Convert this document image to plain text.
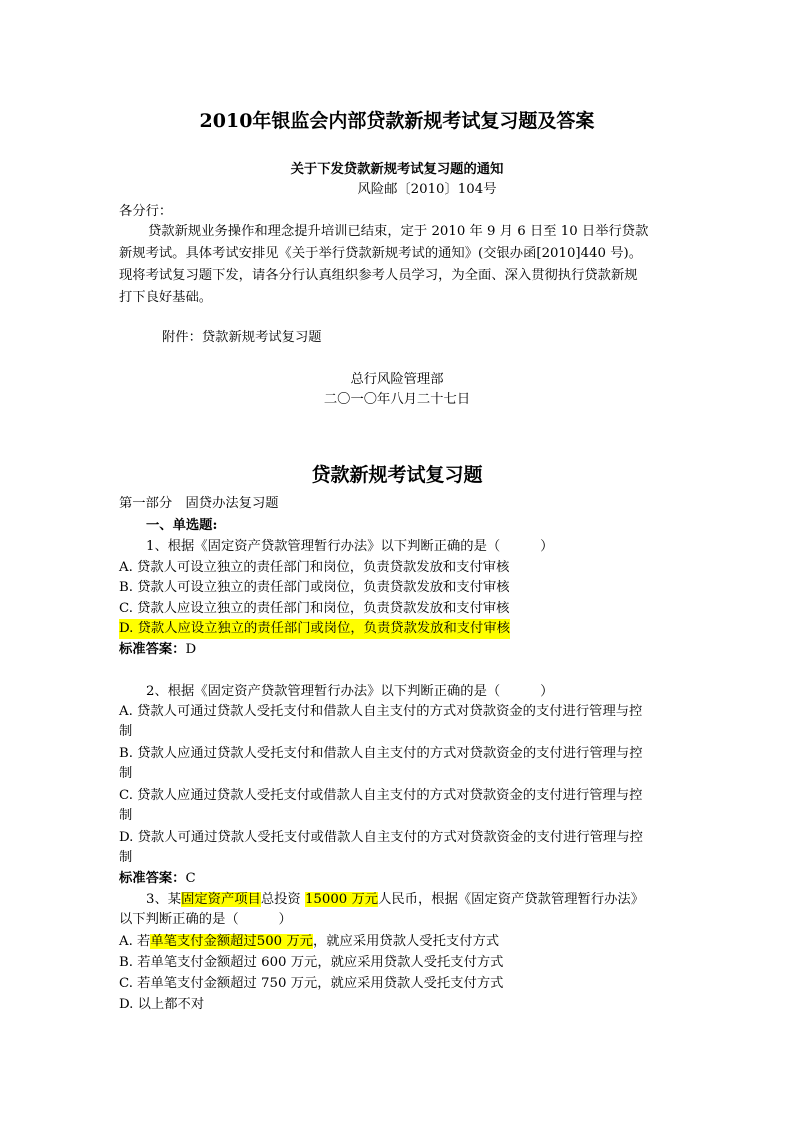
2010年银监会内部贷款新规考试复习题及答案
关于下发贷款新规考试复习题的通知
风险邮〔2010〕104号
各分行：
贷款新规业务操作和理念提升培训已结束，定于 2010 年 9 月 6 日至 10 日举行贷款
新规考试。具体考试安排见《关于举行贷款新规考试的通知》(交银办函[2010]440 号)。
现将考试复习题下发，请各分行认真组织参考人员学习，为全面、深入贯彻执行贷款新规
打下良好基础。
附件：贷款新规考试复习题
总行风险管理部
二〇一〇年八月二十七日
贷款新规考试复习题
第一部分　固贷办法复习题
一、单选题:
1、根据《固定资产贷款管理暂行办法》以下判断正确的是（　　　）
A. 贷款人可设立独立的责任部门和岗位，负责贷款发放和支付审核
B. 贷款人可设立独立的责任部门或岗位，负责贷款发放和支付审核
C. 贷款人应设立独立的责任部门和岗位，负责贷款发放和支付审核
D. 贷款人应设立独立的责任部门或岗位，负责贷款发放和支付审核
标准答案：D
2、根据《固定资产贷款管理暂行办法》以下判断正确的是（　　　）
A. 贷款人可通过贷款人受托支付和借款人自主支付的方式对贷款资金的支付进行管理与控
制
B. 贷款人应通过贷款人受托支付和借款人自主支付的方式对贷款资金的支付进行管理与控
制
C. 贷款人应通过贷款人受托支付或借款人自主支付的方式对贷款资金的支付进行管理与控
制
D. 贷款人可通过贷款人受托支付或借款人自主支付的方式对贷款资金的支付进行管理与控
制
标准答案：C
3、某固定资产项目总投资 15000 万元人民币，根据《固定资产贷款管理暂行办法》
以下判断正确的是（　　　）
A. 若单笔支付金额超过500 万元，就应采用贷款人受托支付方式
B. 若单笔支付金额超过 600 万元，就应采用贷款人受托支付方式
C. 若单笔支付金额超过 750 万元，就应采用贷款人受托支付方式
D. 以上都不对
